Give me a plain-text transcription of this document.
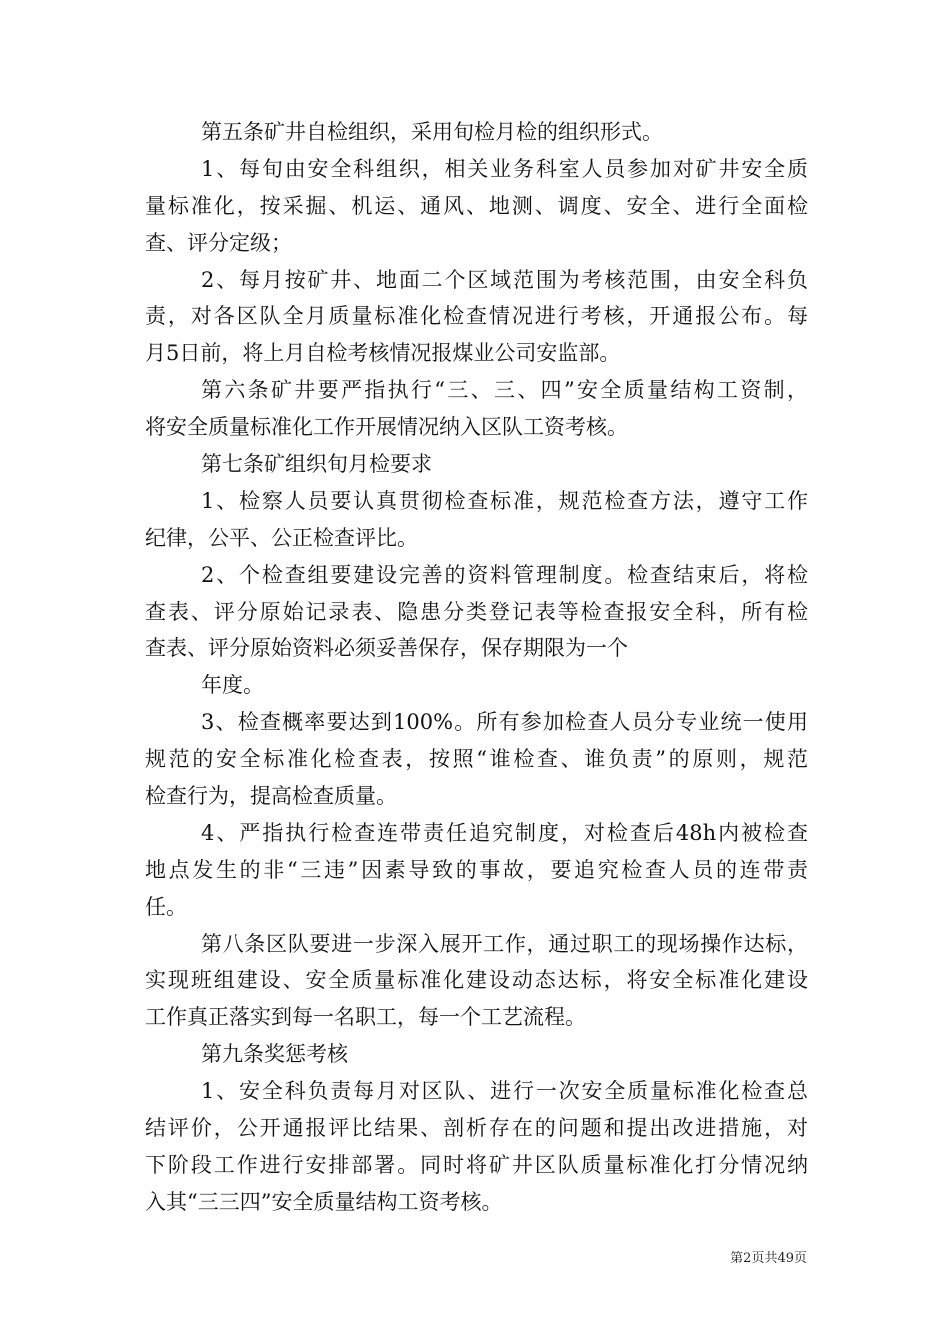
第五条矿井自检组织，采用旬检月检的组织形式。
1、每旬由安全科组织，相关业务科室人员参加对矿井安全质
量标准化，按采掘、机运、通风、地测、调度、安全、进行全面检
查、评分定级；
2、每月按矿井、地面二个区域范围为考核范围，由安全科负
责，对各区队全月质量标准化检查情况进行考核，开通报公布。每
月5日前，将上月自检考核情况报煤业公司安监部。
第六条矿井要严指执行“三、三、四”安全质量结构工资制，
将安全质量标准化工作开展情况纳入区队工资考核。
第七条矿组织旬月检要求
1、检察人员要认真贯彻检查标准，规范检查方法，遵守工作
纪律，公平、公正检查评比。
2、个检查组要建设完善的资料管理制度。检查结束后，将检
查表、评分原始记录表、隐患分类登记表等检查报安全科，所有检
查表、评分原始资料必须妥善保存，保存期限为一个
年度。
3、检查概率要达到100%。所有参加检查人员分专业统一使用
规范的安全标准化检查表，按照“谁检查、谁负责”的原则，规范
检查行为，提高检查质量。
4、严指执行检查连带责任追究制度，对检查后48h内被检查
地点发生的非“三违”因素导致的事故，要追究检查人员的连带责
任。
第八条区队要进一步深入展开工作，通过职工的现场操作达标，
实现班组建设、安全质量标准化建设动态达标，将安全标准化建设
工作真正落实到每一名职工，每一个工艺流程。
第九条奖惩考核
1、安全科负责每月对区队、进行一次安全质量标准化检查总
结评价，公开通报评比结果、剖析存在的问题和提出改进措施，对
下阶段工作进行安排部署。同时将矿井区队质量标准化打分情况纳
入其“三三四”安全质量结构工资考核。
第2页共49页
